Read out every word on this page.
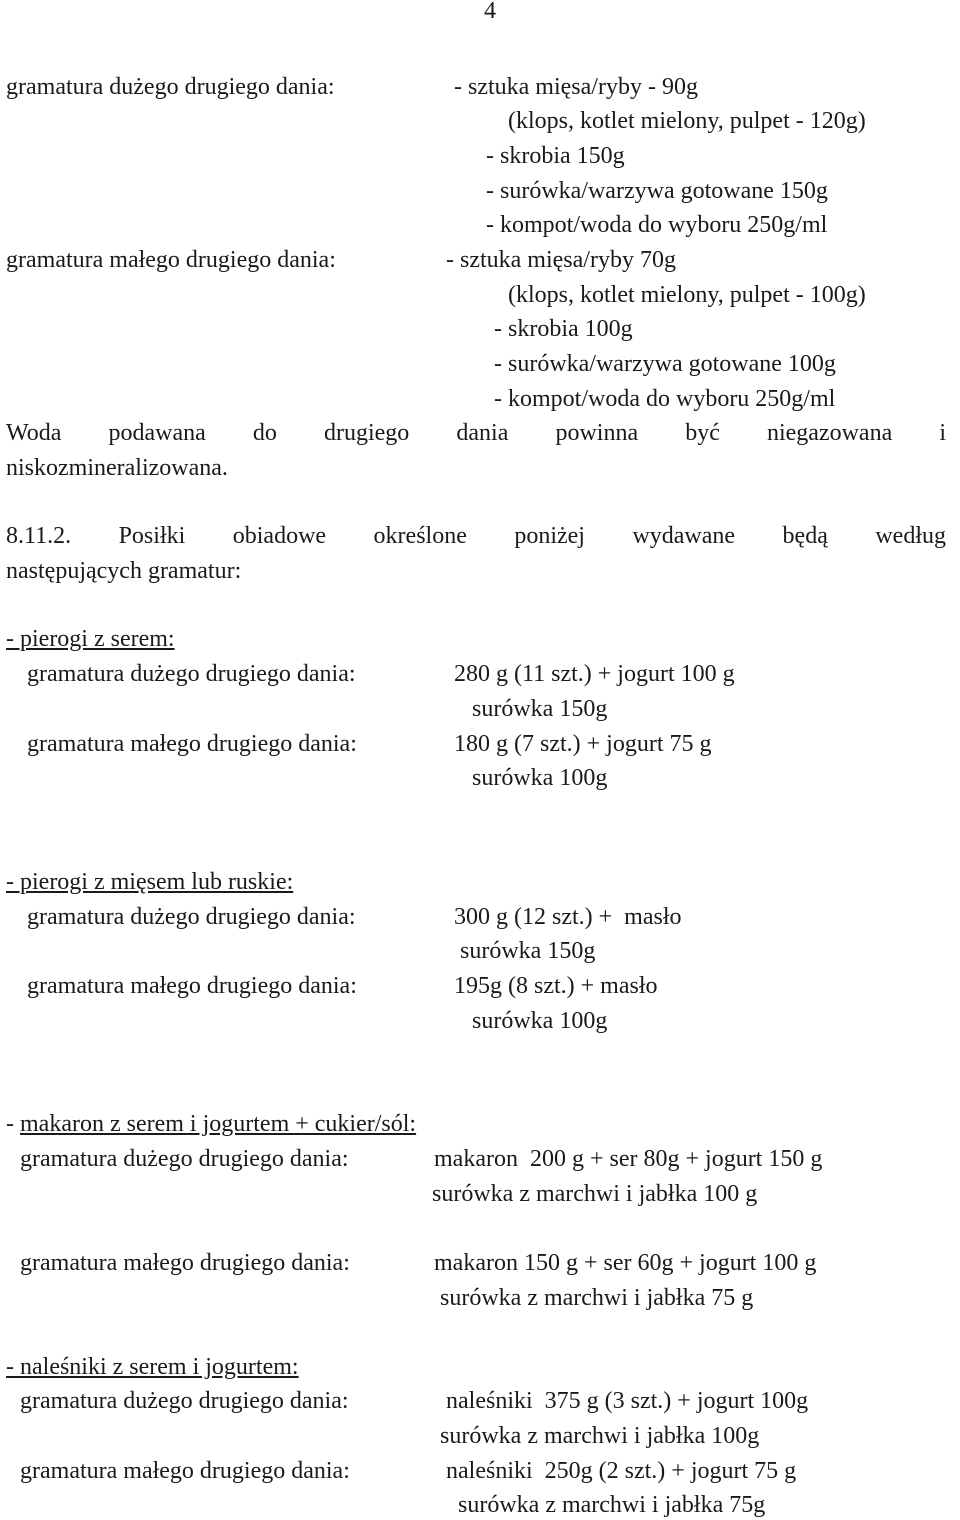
4
gramatura dużego drugiego dania:	- sztuka mięsa/ryby - 90g
(klops, kotlet mielony, pulpet - 120g)
- skrobia 150g
- surówka/warzywa gotowane 150g
- kompot/woda do wyboru 250g/ml
gramatura małego drugiego dania:	- sztuka mięsa/ryby 70g
(klops, kotlet mielony, pulpet - 100g)
- skrobia 100g
- surówka/warzywa gotowane 100g
- kompot/woda do wyboru 250g/ml
Woda podawana do drugiego dania powinna być niegazowana i
niskozmineralizowana.
8.11.2. Posiłki obiadowe określone poniżej wydawane będą według
następujących gramatur:
- pierogi z serem:
gramatura dużego drugiego dania:	280 g (11 szt.) + jogurt 100 g
surówka 150g
gramatura małego drugiego dania:	180 g (7 szt.) + jogurt 75 g
surówka 100g
- pierogi z mięsem lub ruskie:
gramatura dużego drugiego dania:	300 g (12 szt.) +  masło
surówka 150g
gramatura małego drugiego dania:	195g (8 szt.) + masło
surówka 100g
- makaron z serem i jogurtem + cukier/sól:
gramatura dużego drugiego dania:	makaron  200 g + ser 80g + jogurt 150 g
surówka z marchwi i jabłka 100 g
gramatura małego drugiego dania:	makaron 150 g + ser 60g + jogurt 100 g
surówka z marchwi i jabłka 75 g
- naleśniki z serem i jogurtem:
gramatura dużego drugiego dania:	naleśniki  375 g (3 szt.) + jogurt 100g
surówka z marchwi i jabłka 100g
gramatura małego drugiego dania:	naleśniki  250g (2 szt.) + jogurt 75 g
surówka z marchwi i jabłka 75g
